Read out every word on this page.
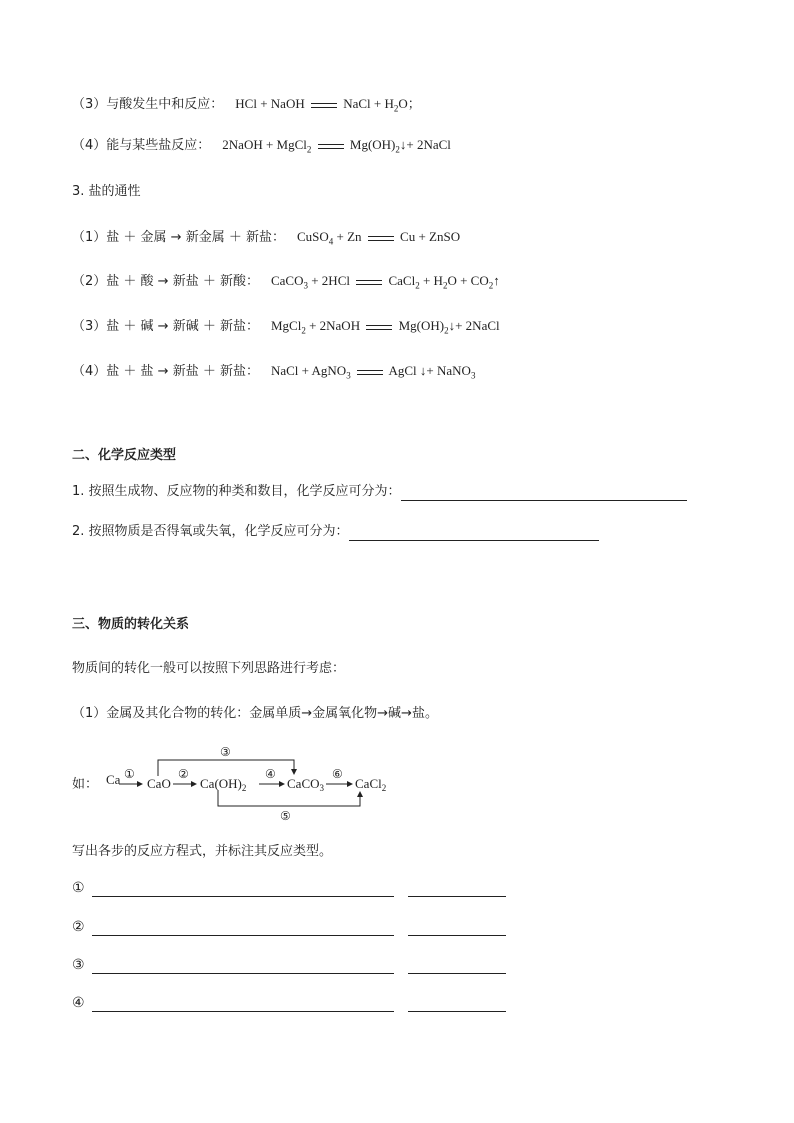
（3）与酸发生中和反应： HCl + NaOH  NaCl + $H_2O$；
（4）能与某些盐反应： 2NaOH + MgCl$_2$	$Mg(OH)_2↓+$ 2NaCl
3. 盐的通性
（1）盐 ＋ 金属 → 新金属 ＋ 新盐： CuSO$_4$ + Zn  Cu + ZnSO
（2）盐 ＋ 酸 → 新盐 ＋ 新酸： CaCO$_3$ + 2HCl  CaCl$_2$ + $H_2O$ + $CO_2↑$
（3）盐 ＋ 碱 → 新碱 ＋ 新盐： MgCl$_2$ + 2NaOH  $Mg(OH)_2↓+$ 2NaCl
（4）盐 ＋ 盐 → 新盐 ＋ 新盐： NaCl + AgNO$_3$	AgCl ↓+ NaNO$_3$
二、化学反应类型
1. 按照生成物、反应物的种类和数目，化学反应可分为：
2. 按照物质是否得氧或失氧，化学反应可分为：
三、物质的转化关系
物质间的转化一般可以按照下列思路进行考虑：
（1）金属及其化合物的转化：金属单质→金属氧化物→碱→盐。
Ca CaO $Ca(OH)_2$	CaCO$_3$ CaCl$_2$
①	②
③
④
⑤
⑥
如：
写出各步的反应方程式，并标注其反应类型。
①
②
③
④
